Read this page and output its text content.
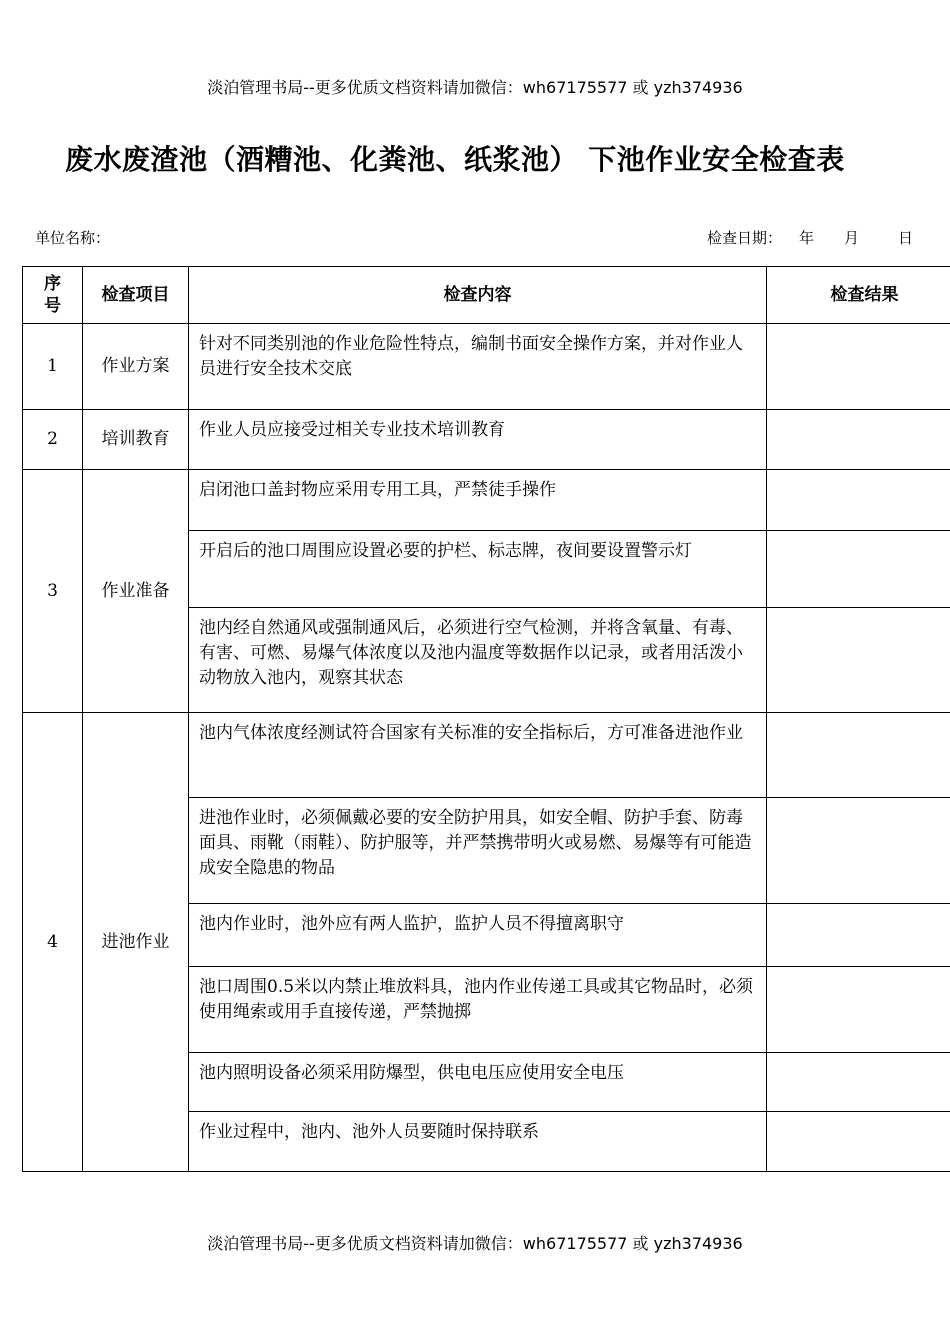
淡泊管理书局--更多优质文档资料请加微信：wh67175577 或 yzh374936
废水废渣池（酒糟池、化粪池、纸浆池） 下池作业安全检查表
单位名称：	检查日期： 年 月	日
序号	检查项目	检查内容	检查结果
1	作业方案	针对不同类别池的作业危险性特点，编制书面安全操作方案，并对作业人员进行安全技术交底	
2	培训教育	作业人员应接受过相关专业技术培训教育	
3	作业准备	启闭池口盖封物应采用专用工具，严禁徒手操作	
		开启后的池口周围应设置必要的护栏、标志牌，夜间要设置警示灯	
		池内经自然通风或强制通风后，必须进行空气检测，并将含氧量、有毒、有害、可燃、易爆气体浓度以及池内温度等数据作以记录，或者用活泼小动物放入池内，观察其状态	
4	进池作业	池内气体浓度经测试符合国家有关标准的安全指标后，方可准备进池作业	
		进池作业时，必须佩戴必要的安全防护用具，如安全帽、防护手套、防毒面具、雨靴（雨鞋）、防护服等，并严禁携带明火或易燃、易爆等有可能造成安全隐患的物品	
		池内作业时，池外应有两人监护，监护人员不得擅离职守	
		池口周围0.5米以内禁止堆放料具，池内作业传递工具或其它物品时，必须使用绳索或用手直接传递，严禁抛掷	
		池内照明设备必须采用防爆型，供电电压应使用安全电压	
		作业过程中，池内、池外人员要随时保持联系	
淡泊管理书局--更多优质文档资料请加微信：wh67175577 或 yzh374936
